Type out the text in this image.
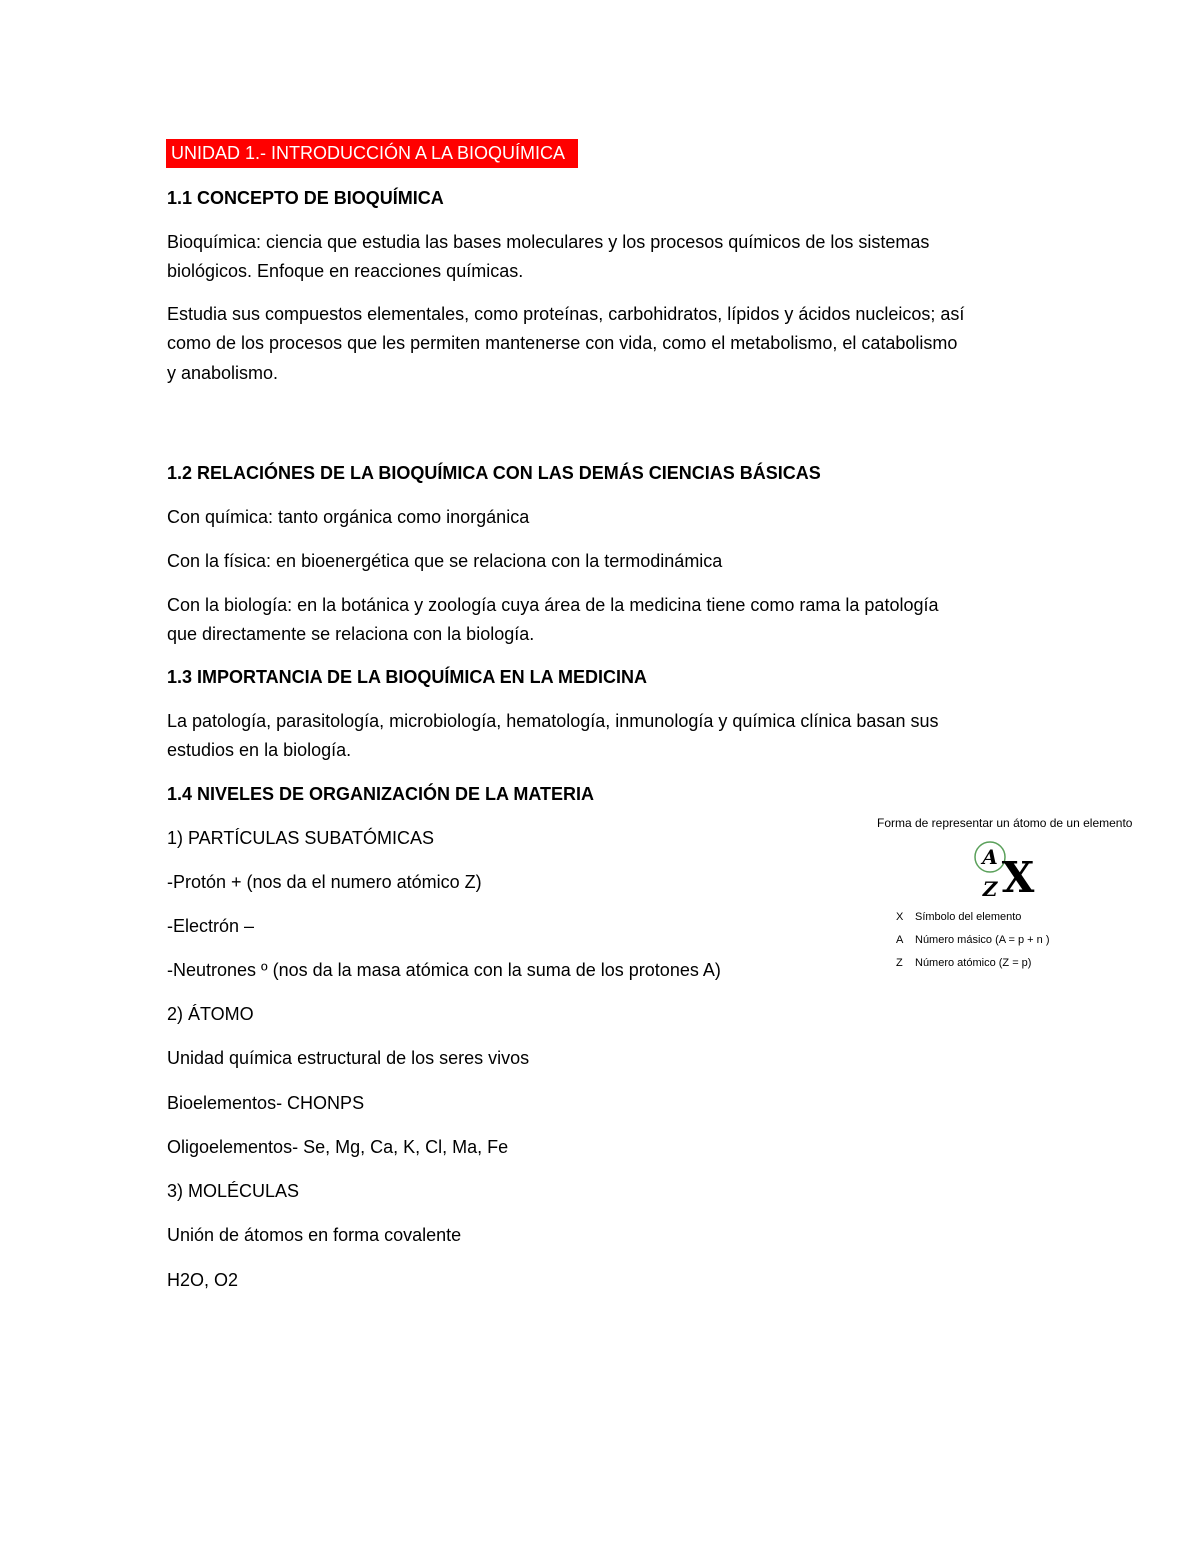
UNIDAD 1.- INTRODUCCIÓN A LA BIOQUÍMICA
1.1 CONCEPTO DE BIOQUÍMICA
Bioquímica: ciencia que estudia las bases moleculares y los procesos químicos de los sistemas
biológicos. Enfoque en reacciones químicas.
Estudia sus compuestos elementales, como proteínas, carbohidratos, lípidos y ácidos nucleicos; así
como de los procesos que les permiten mantenerse con vida, como el metabolismo, el catabolismo
y anabolismo.
1.2 RELACIÓNES DE LA BIOQUÍMICA CON LAS DEMÁS CIENCIAS BÁSICAS
Con química: tanto orgánica como inorgánica
Con la física: en bioenergética que se relaciona con la termodinámica
Con la biología: en la botánica y zoología cuya área de la medicina tiene como rama la patología
que directamente se relaciona con la biología.
1.3 IMPORTANCIA DE LA BIOQUÍMICA EN LA MEDICINA
La patología, parasitología, microbiología, hematología, inmunología y química clínica basan sus
estudios en la biología.
1.4 NIVELES DE ORGANIZACIÓN DE LA MATERIA
1) PARTÍCULAS SUBATÓMICAS
-Protón + (nos da el numero atómico Z)
-Electrón –
-Neutrones º (nos da la masa atómica con la suma de los protones A)
2) ÁTOMO
Unidad química estructural de los seres vivos
Bioelementos- CHONPS
Oligoelementos- Se, Mg, Ca, K, Cl, Ma, Fe
3) MOLÉCULAS
Unión de átomos en forma covalente
H2O, O2
Forma de representar un átomo de un elemento
A
Z X
X Símbolo del elemento
A Número másico (A = p + n )
Z Número atómico (Z = p)
